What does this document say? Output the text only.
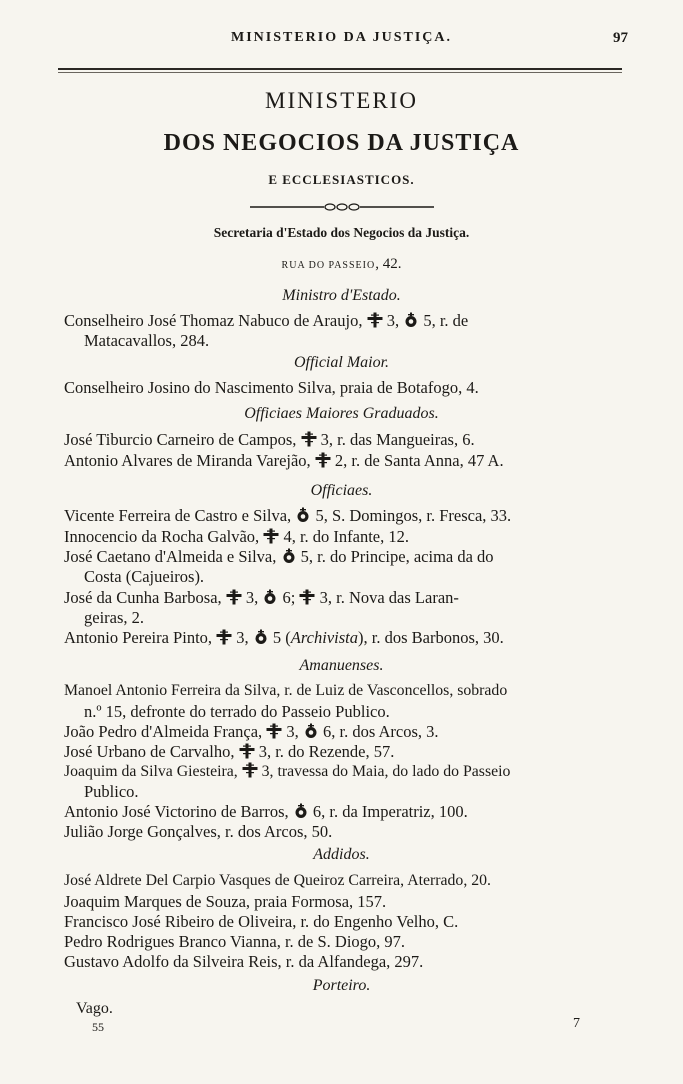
MINISTERIO DA JUSTIÇA.	97
MINISTERIO
DOS NEGOCIOS DA JUSTIÇA
E ECCLESIASTICOS.
Secretaria d'Estado dos Negocios da Justiça.
RUA DO PASSEIO, 42.
Ministro d'Estado.
Conselheiro José Thomaz Nabuco de Araujo, 3, 5, r. de
Matacavallos, 284.
Official Maior.
Conselheiro Josino do Nascimento Silva, praia de Botafogo, 4.
Officiaes Maiores Graduados.
José Tiburcio Carneiro de Campos, 3, r. das Mangueiras, 6.
Antonio Alvares de Miranda Varejão, 2, r. de Santa Anna, 47 A.
Officiaes.
Vicente Ferreira de Castro e Silva, 5, S. Domingos, r. Fresca, 33.
Innocencio da Rocha Galvão, 4, r. do Infante, 12.
José Caetano d'Almeida e Silva, 5, r. do Principe, acima da do
Costa (Cajueiros).
José da Cunha Barbosa, 3, 6; 3, r. Nova das Laran-
geiras, 2.
Antonio Pereira Pinto, 3, 5 (Archivista), r. dos Barbonos, 30.
Amanuenses.
Manoel Antonio Ferreira da Silva, r. de Luiz de Vasconcellos, sobrado
n.º 15, defronte do terrado do Passeio Publico.
João Pedro d'Almeida França, 3, 6, r. dos Arcos, 3.
José Urbano de Carvalho, 3, r. do Rezende, 57.
Joaquim da Silva Giesteira, 3, travessa do Maia, do lado do Passeio
Publico.
Antonio José Victorino de Barros, 6, r. da Imperatriz, 100.
Julião Jorge Gonçalves, r. dos Arcos, 50.
Addidos.
José Aldrete Del Carpio Vasques de Queiroz Carreira, Aterrado, 20.
Joaquim Marques de Souza, praia Formosa, 157.
Francisco José Ribeiro de Oliveira, r. do Engenho Velho, C.
Pedro Rodrigues Branco Vianna, r. de S. Diogo, 97.
Gustavo Adolfo da Silveira Reis, r. da Alfandega, 297.
Porteiro.
Vago.
55	7
